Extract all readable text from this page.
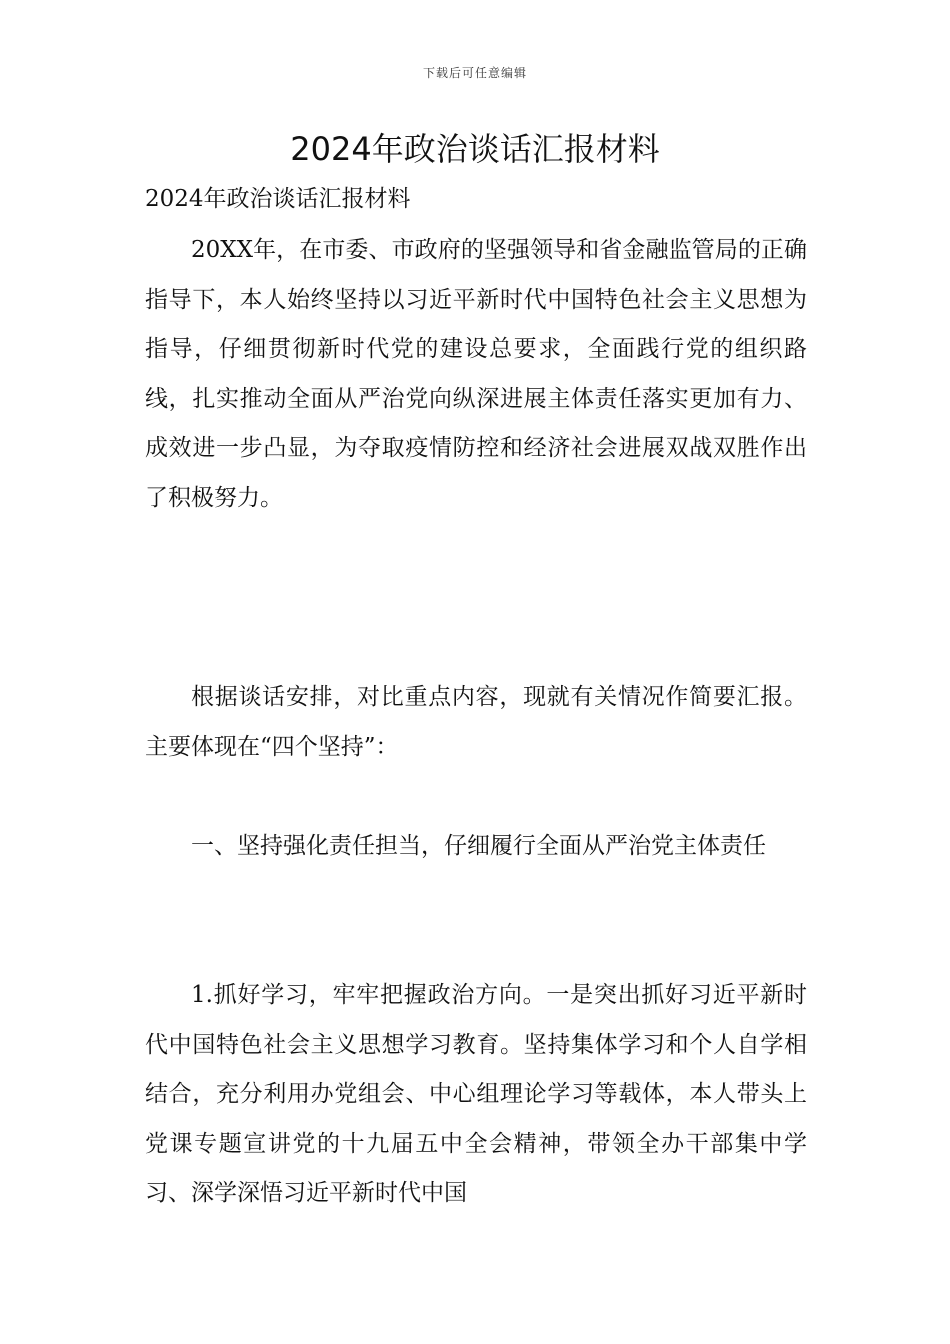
下载后可任意编辑
2024年政治谈话汇报材料

2024年政治谈话汇报材料

20XX年，在市委、市政府的坚强领导和省金融监管局的正确指导下，本人始终坚持以习近平新时代中国特色社会主义思想为指导，仔细贯彻新时代党的建设总要求，全面践行党的组织路线，扎实推动全面从严治党向纵深进展主体责任落实更加有力、成效进一步凸显，为夺取疫情防控和经济社会进展双战双胜作出了积极努力。

根据谈话安排，对比重点内容，现就有关情况作简要汇报。主要体现在“四个坚持”：

一、坚持强化责任担当，仔细履行全面从严治党主体责任

1.抓好学习，牢牢把握政治方向。一是突出抓好习近平新时代中国特色社会主义思想学习教育。坚持集体学习和个人自学相结合，充分利用办党组会、中心组理论学习等载体，本人带头上党课专题宣讲党的十九届五中全会精神，带领全办干部集中学习、深学深悟习近平新时代中国
